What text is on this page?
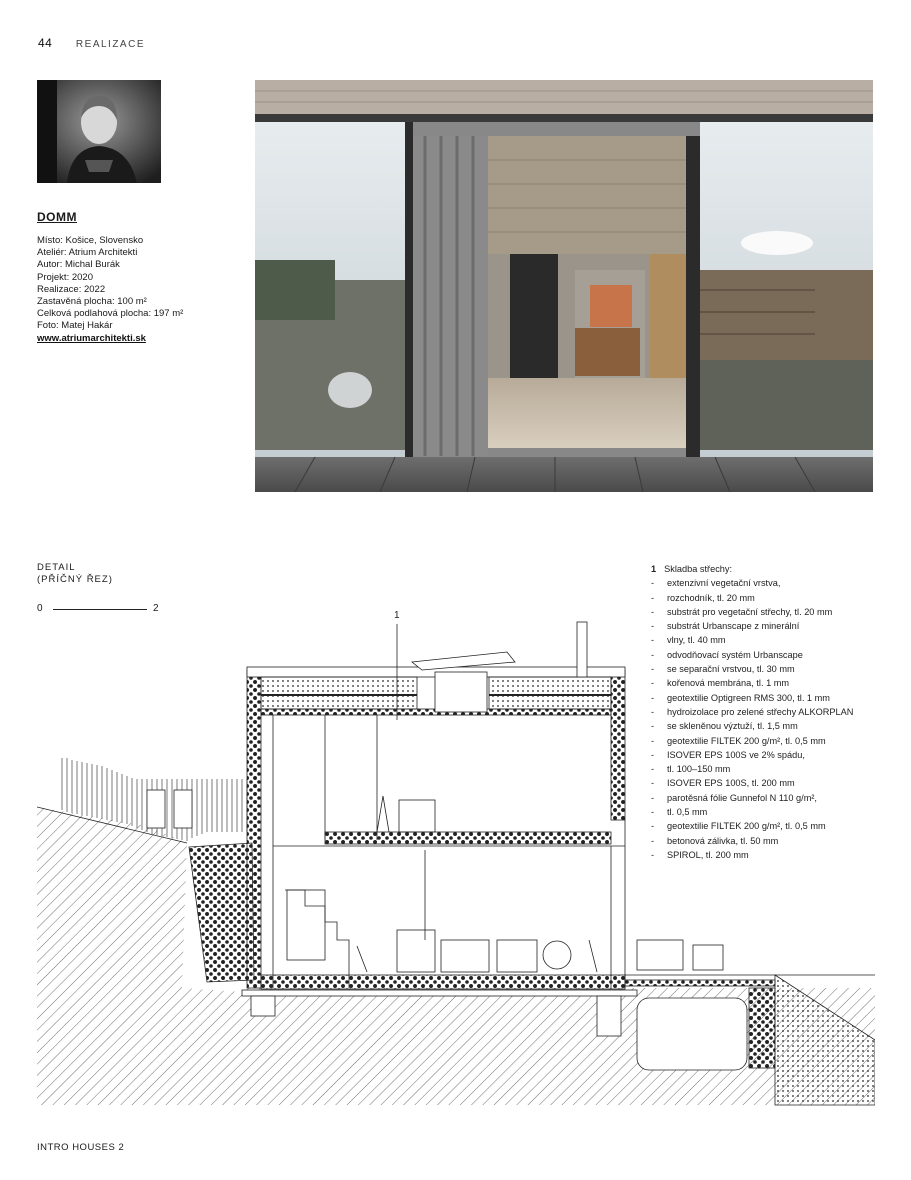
44 REALIZACE
DOMM
Místo: Košice, Slovensko
Ateliér: Atrium Architekti
Autor: Michal Burák
Projekt: 2020
Realizace: 2022
Zastavěná plocha: 100 m²
Celková podlahová plocha: 197 m²
Foto: Matej Hakár
www.atriumarchitekti.sk
DETAIL
(PŘÍČNÝ ŘEZ)
0	2
1 Skladba střechy:
- extenzivní vegetační vrstva,
- rozchodník, tl. 20 mm
- substrát pro vegetační střechy, tl. 20 mm
- substrát Urbanscape z minerální
- vlny, tl. 40 mm
- odvodňovací systém Urbanscape
- se separační vrstvou, tl. 30 mm
- kořenová membrána, tl. 1 mm
- geotextilie Optigreen RMS 300, tl. 1 mm
- hydroizolace pro zelené střechy ALKORPLAN
- se skleněnou výztuží, tl. 1,5 mm
- geotextilie FILTEK 200 g/m², tl. 0,5 mm
- ISOVER EPS 100S ve 2% spádu,
- tl. 100–150 mm
- ISOVER EPS 100S, tl. 200 mm
- parotěsná fólie Gunnefol N 110 g/m²,
- tl. 0,5 mm
- geotextilie FILTEK 200 g/m², tl. 0,5 mm
- betonová zálivka, tl. 50 mm
- SPIROL, tl. 200 mm
1
INTRO HOUSES 2
